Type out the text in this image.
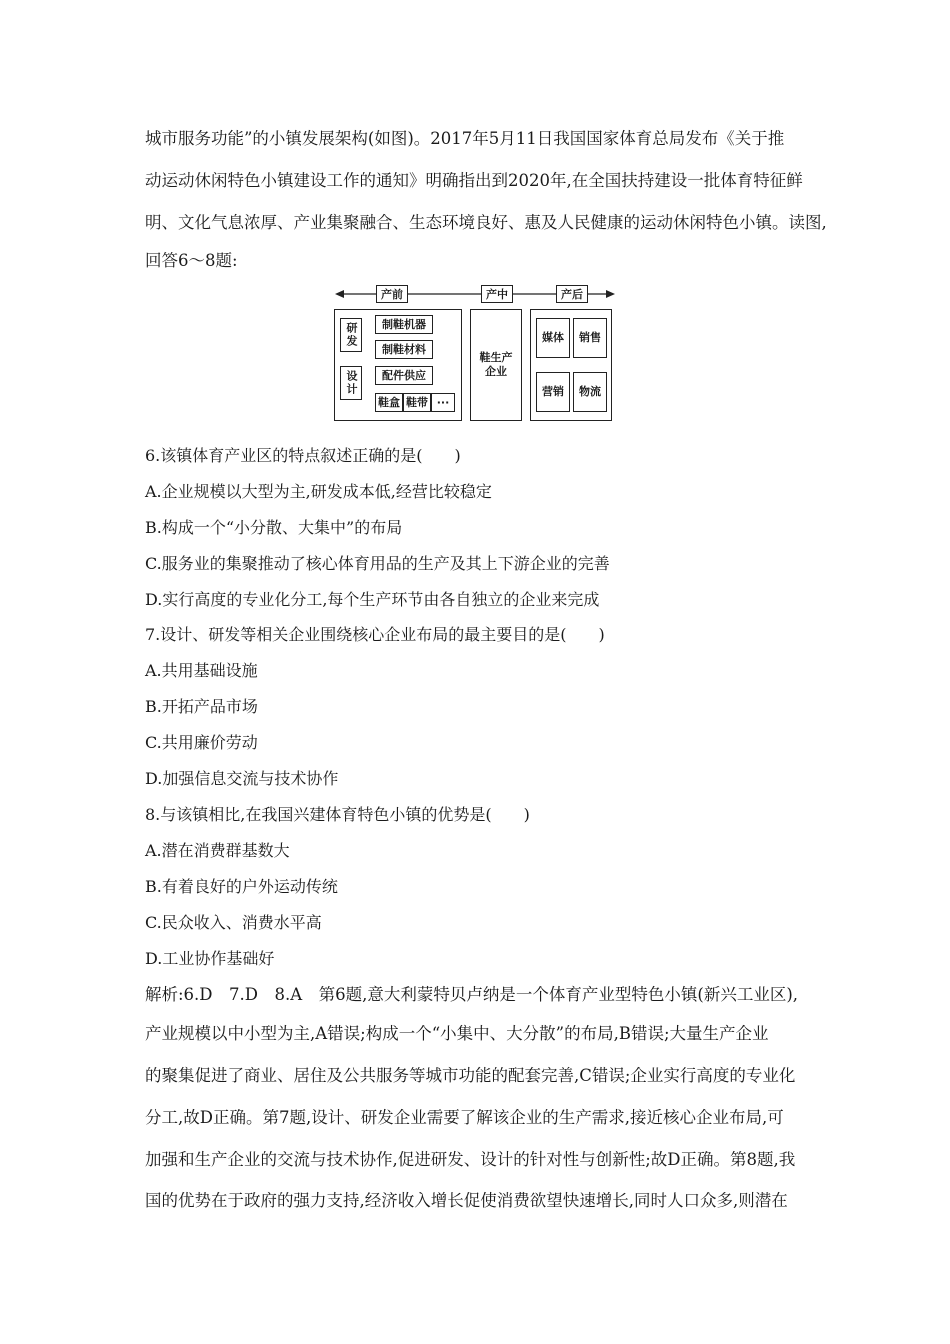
城市服务功能”的小镇发展架构(如图)。2017年5月11日我国国家体育总局发布《关于推
动运动休闲特色小镇建设工作的通知》明确指出到2020年,在全国扶持建设一批体育特征鲜
明、文化气息浓厚、产业集聚融合、生态环境良好、惠及人民健康的运动休闲特色小镇。读图,
回答6～8题:
产前	产中	产后
研发
设计
制鞋机器
制鞋材料
配件供应
鞋盒 鞋带 ···
鞋生产企业
媒体	销售
营销	物流
6.该镇体育产业区的特点叙述正确的是(　　)
A.企业规模以大型为主,研发成本低,经营比较稳定
B.构成一个“小分散、大集中”的布局
C.服务业的集聚推动了核心体育用品的生产及其上下游企业的完善
D.实行高度的专业化分工,每个生产环节由各自独立的企业来完成
7.设计、研发等相关企业围绕核心企业布局的最主要目的是(　　)
A.共用基础设施
B.开拓产品市场
C.共用廉价劳动
D.加强信息交流与技术协作
8.与该镇相比,在我国兴建体育特色小镇的优势是(　　)
A.潜在消费群基数大
B.有着良好的户外运动传统
C.民众收入、消费水平高
D.工业协作基础好
解析:6.D　7.D　8.A　第6题,意大利蒙特贝卢纳是一个体育产业型特色小镇(新兴工业区),
产业规模以中小型为主,A错误;构成一个“小集中、大分散”的布局,B错误;大量生产企业
的聚集促进了商业、居住及公共服务等城市功能的配套完善,C错误;企业实行高度的专业化
分工,故D正确。第7题,设计、研发企业需要了解该企业的生产需求,接近核心企业布局,可
加强和生产企业的交流与技术协作,促进研发、设计的针对性与创新性;故D正确。第8题,我
国的优势在于政府的强力支持,经济收入增长促使消费欲望快速增长,同时人口众多,则潜在
